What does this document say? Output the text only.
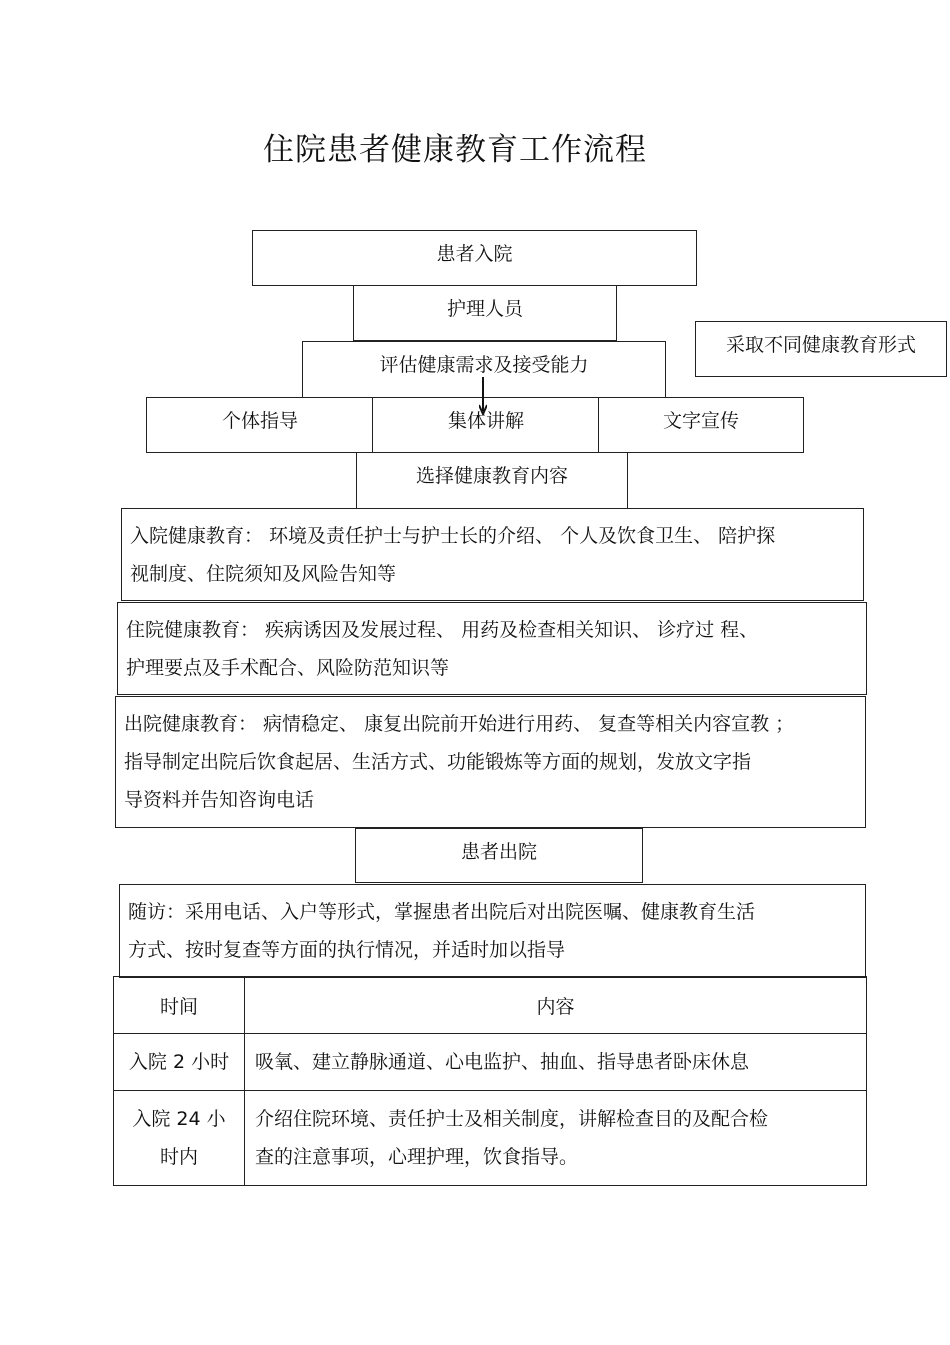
住院患者健康教育工作流程
患者入院
护理人员
评估健康需求及接受能力
采取不同健康教育形式
个体指导	集体讲解	文字宣传
选择健康教育内容
入院健康教育： 环境及责任护士与护士长的介绍、 个人及饮食卫生、 陪护探
视制度、住院须知及风险告知等
住院健康教育： 疾病诱因及发展过程、 用药及检查相关知识、 诊疗过 程、
护理要点及手术配合、风险防范知识等
出院健康教育： 病情稳定、 康复出院前开始进行用药、 复查等相关内容宣教 ；
指导制定出院后饮食起居、生活方式、功能锻炼等方面的规划，发放文字指
导资料并告知咨询电话
患者出院
随访：采用电话、入户等形式，掌握患者出院后对出院医嘱、健康教育生活
方式、按时复查等方面的执行情况，并适时加以指导
时间	内容

入院 2 小时	吸氧、建立静脉通道、心电监护、抽血、指导患者卧床休息

入院 24 小
时内	介绍住院环境、责任护士及相关制度，讲解检查目的及配合检
查的注意事项，心理护理，饮食指导。
